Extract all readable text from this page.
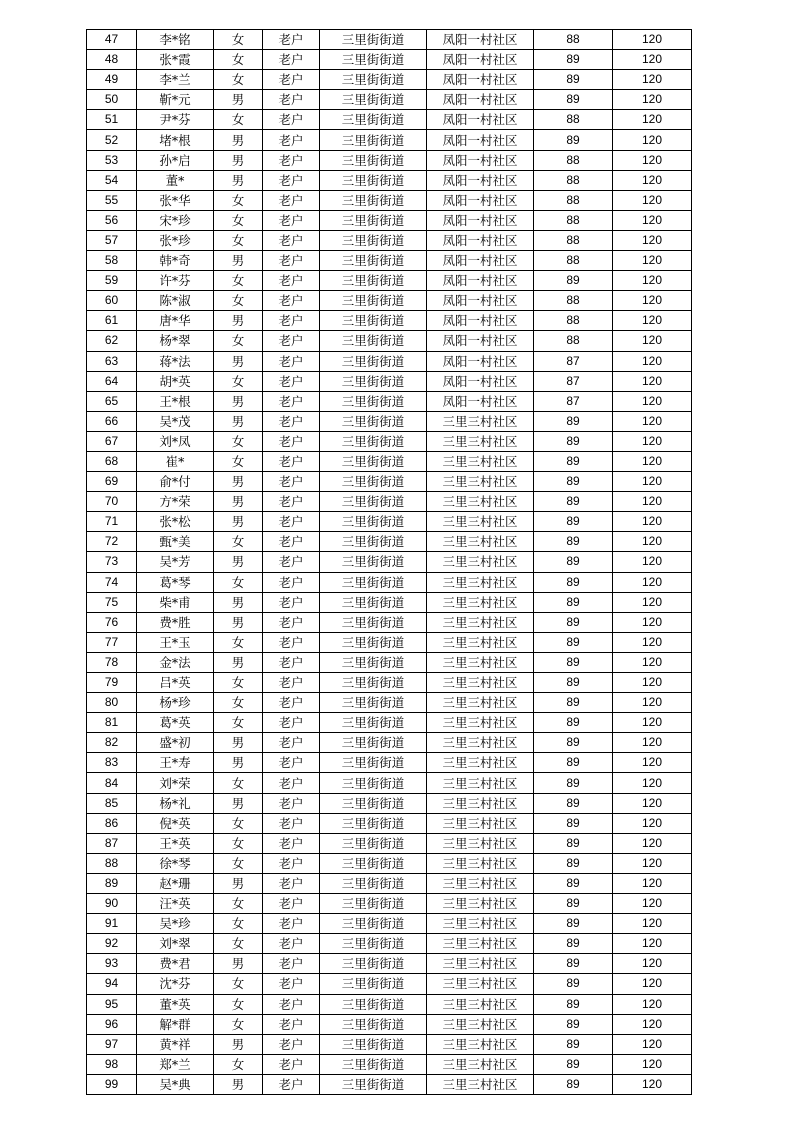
47	李*铭	女	老户	三里街街道	凤阳一村社区	88	120
48	张*霞	女	老户	三里街街道	凤阳一村社区	89	120
49	李*兰	女	老户	三里街街道	凤阳一村社区	89	120
50	靳*元	男	老户	三里街街道	凤阳一村社区	89	120
51	尹*芬	女	老户	三里街街道	凤阳一村社区	88	120
52	堵*根	男	老户	三里街街道	凤阳一村社区	89	120
53	孙*启	男	老户	三里街街道	凤阳一村社区	88	120
54	董*	男	老户	三里街街道	凤阳一村社区	88	120
55	张*华	女	老户	三里街街道	凤阳一村社区	88	120
56	宋*珍	女	老户	三里街街道	凤阳一村社区	88	120
57	张*珍	女	老户	三里街街道	凤阳一村社区	88	120
58	韩*奇	男	老户	三里街街道	凤阳一村社区	88	120
59	许*芬	女	老户	三里街街道	凤阳一村社区	89	120
60	陈*淑	女	老户	三里街街道	凤阳一村社区	88	120
61	唐*华	男	老户	三里街街道	凤阳一村社区	88	120
62	杨*翠	女	老户	三里街街道	凤阳一村社区	88	120
63	蒋*法	男	老户	三里街街道	凤阳一村社区	87	120
64	胡*英	女	老户	三里街街道	凤阳一村社区	87	120
65	王*根	男	老户	三里街街道	凤阳一村社区	87	120
66	吴*茂	男	老户	三里街街道	三里三村社区	89	120
67	刘*凤	女	老户	三里街街道	三里三村社区	89	120
68	崔*	女	老户	三里街街道	三里三村社区	89	120
69	俞*付	男	老户	三里街街道	三里三村社区	89	120
70	方*荣	男	老户	三里街街道	三里三村社区	89	120
71	张*松	男	老户	三里街街道	三里三村社区	89	120
72	甄*美	女	老户	三里街街道	三里三村社区	89	120
73	吴*芳	男	老户	三里街街道	三里三村社区	89	120
74	葛*琴	女	老户	三里街街道	三里三村社区	89	120
75	柴*甫	男	老户	三里街街道	三里三村社区	89	120
76	费*胜	男	老户	三里街街道	三里三村社区	89	120
77	王*玉	女	老户	三里街街道	三里三村社区	89	120
78	金*法	男	老户	三里街街道	三里三村社区	89	120
79	吕*英	女	老户	三里街街道	三里三村社区	89	120
80	杨*珍	女	老户	三里街街道	三里三村社区	89	120
81	葛*英	女	老户	三里街街道	三里三村社区	89	120
82	盛*初	男	老户	三里街街道	三里三村社区	89	120
83	王*寿	男	老户	三里街街道	三里三村社区	89	120
84	刘*荣	女	老户	三里街街道	三里三村社区	89	120
85	杨*礼	男	老户	三里街街道	三里三村社区	89	120
86	倪*英	女	老户	三里街街道	三里三村社区	89	120
87	王*英	女	老户	三里街街道	三里三村社区	89	120
88	徐*琴	女	老户	三里街街道	三里三村社区	89	120
89	赵*珊	男	老户	三里街街道	三里三村社区	89	120
90	汪*英	女	老户	三里街街道	三里三村社区	89	120
91	吴*珍	女	老户	三里街街道	三里三村社区	89	120
92	刘*翠	女	老户	三里街街道	三里三村社区	89	120
93	费*君	男	老户	三里街街道	三里三村社区	89	120
94	沈*芬	女	老户	三里街街道	三里三村社区	89	120
95	董*英	女	老户	三里街街道	三里三村社区	89	120
96	解*群	女	老户	三里街街道	三里三村社区	89	120
97	黄*祥	男	老户	三里街街道	三里三村社区	89	120
98	郑*兰	女	老户	三里街街道	三里三村社区	89	120
99	吴*典	男	老户	三里街街道	三里三村社区	89	120
